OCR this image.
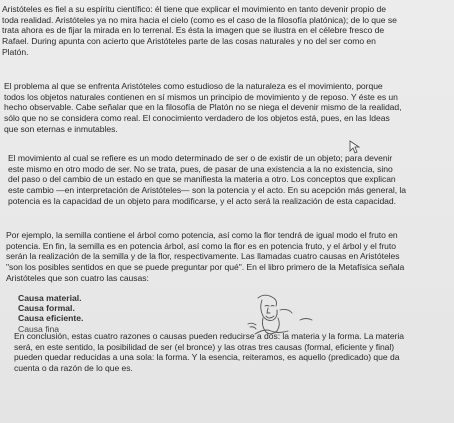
Aristóteles es fiel a su espíritu científico: él tiene que explicar el movimiento en tanto devenir propio de
toda realidad. Aristóteles ya no mira hacia el cielo (como es el caso de la filosofía platónica); de lo que se
trata ahora es de fijar la mirada en lo terrenal. Es ésta la imagen que se ilustra en el célebre fresco de
Rafael. During apunta con acierto que Aristóteles parte de las cosas naturales y no del ser como en
Platón.
El problema al que se enfrenta Aristóteles como estudioso de la naturaleza es el movimiento, porque
todos los objetos naturales contienen en sí mismos un principio de movimiento y de reposo. Y éste es un
hecho observable. Cabe señalar que en la filosofía de Platón no se niega el devenir mismo de la realidad,
sólo que no se considera como real. El conocimiento verdadero de los objetos está, pues, en las Ideas
que son eternas e inmutables.
El movimiento al cual se refiere es un modo determinado de ser o de existir de un objeto; para devenir
este mismo en otro modo de ser. No se trata, pues, de pasar de una existencia a la no existencia, sino
del paso o del cambio de un estado en que se manifiesta la materia a otro. Los conceptos que explican
este cambio —en interpretación de Aristóteles— son la potencia y el acto. En su acepción más general, la
potencia es la capacidad de un objeto para modificarse, y el acto será la realización de esta capacidad.
Por ejemplo, la semilla contiene el árbol como potencia, así como la flor tendrá de igual modo el fruto en
potencia. En fin, la semilla es en potencia árbol, así como la flor es en potencia fruto, y el árbol y el fruto
serán la realización de la semilla y de la flor, respectivamente. Las llamadas cuatro causas en Aristóteles
"son los posibles sentidos en que se puede preguntar por qué". En el libro primero de la Metafísica señala
Aristóteles que son cuatro las causas:
Causa material.
Causa formal.
Causa eficiente.
Causa fina
En conclusión, estas cuatro razones o causas pueden reducirse a dos: la materia y la forma. La materia
será, en este sentido, la posibilidad de ser (el bronce) y las otras tres causas (formal, eficiente y final)
pueden quedar reducidas a una sola: la forma. Y la esencia, reiteramos, es aquello (predicado) que da
cuenta o da razón de lo que es.
